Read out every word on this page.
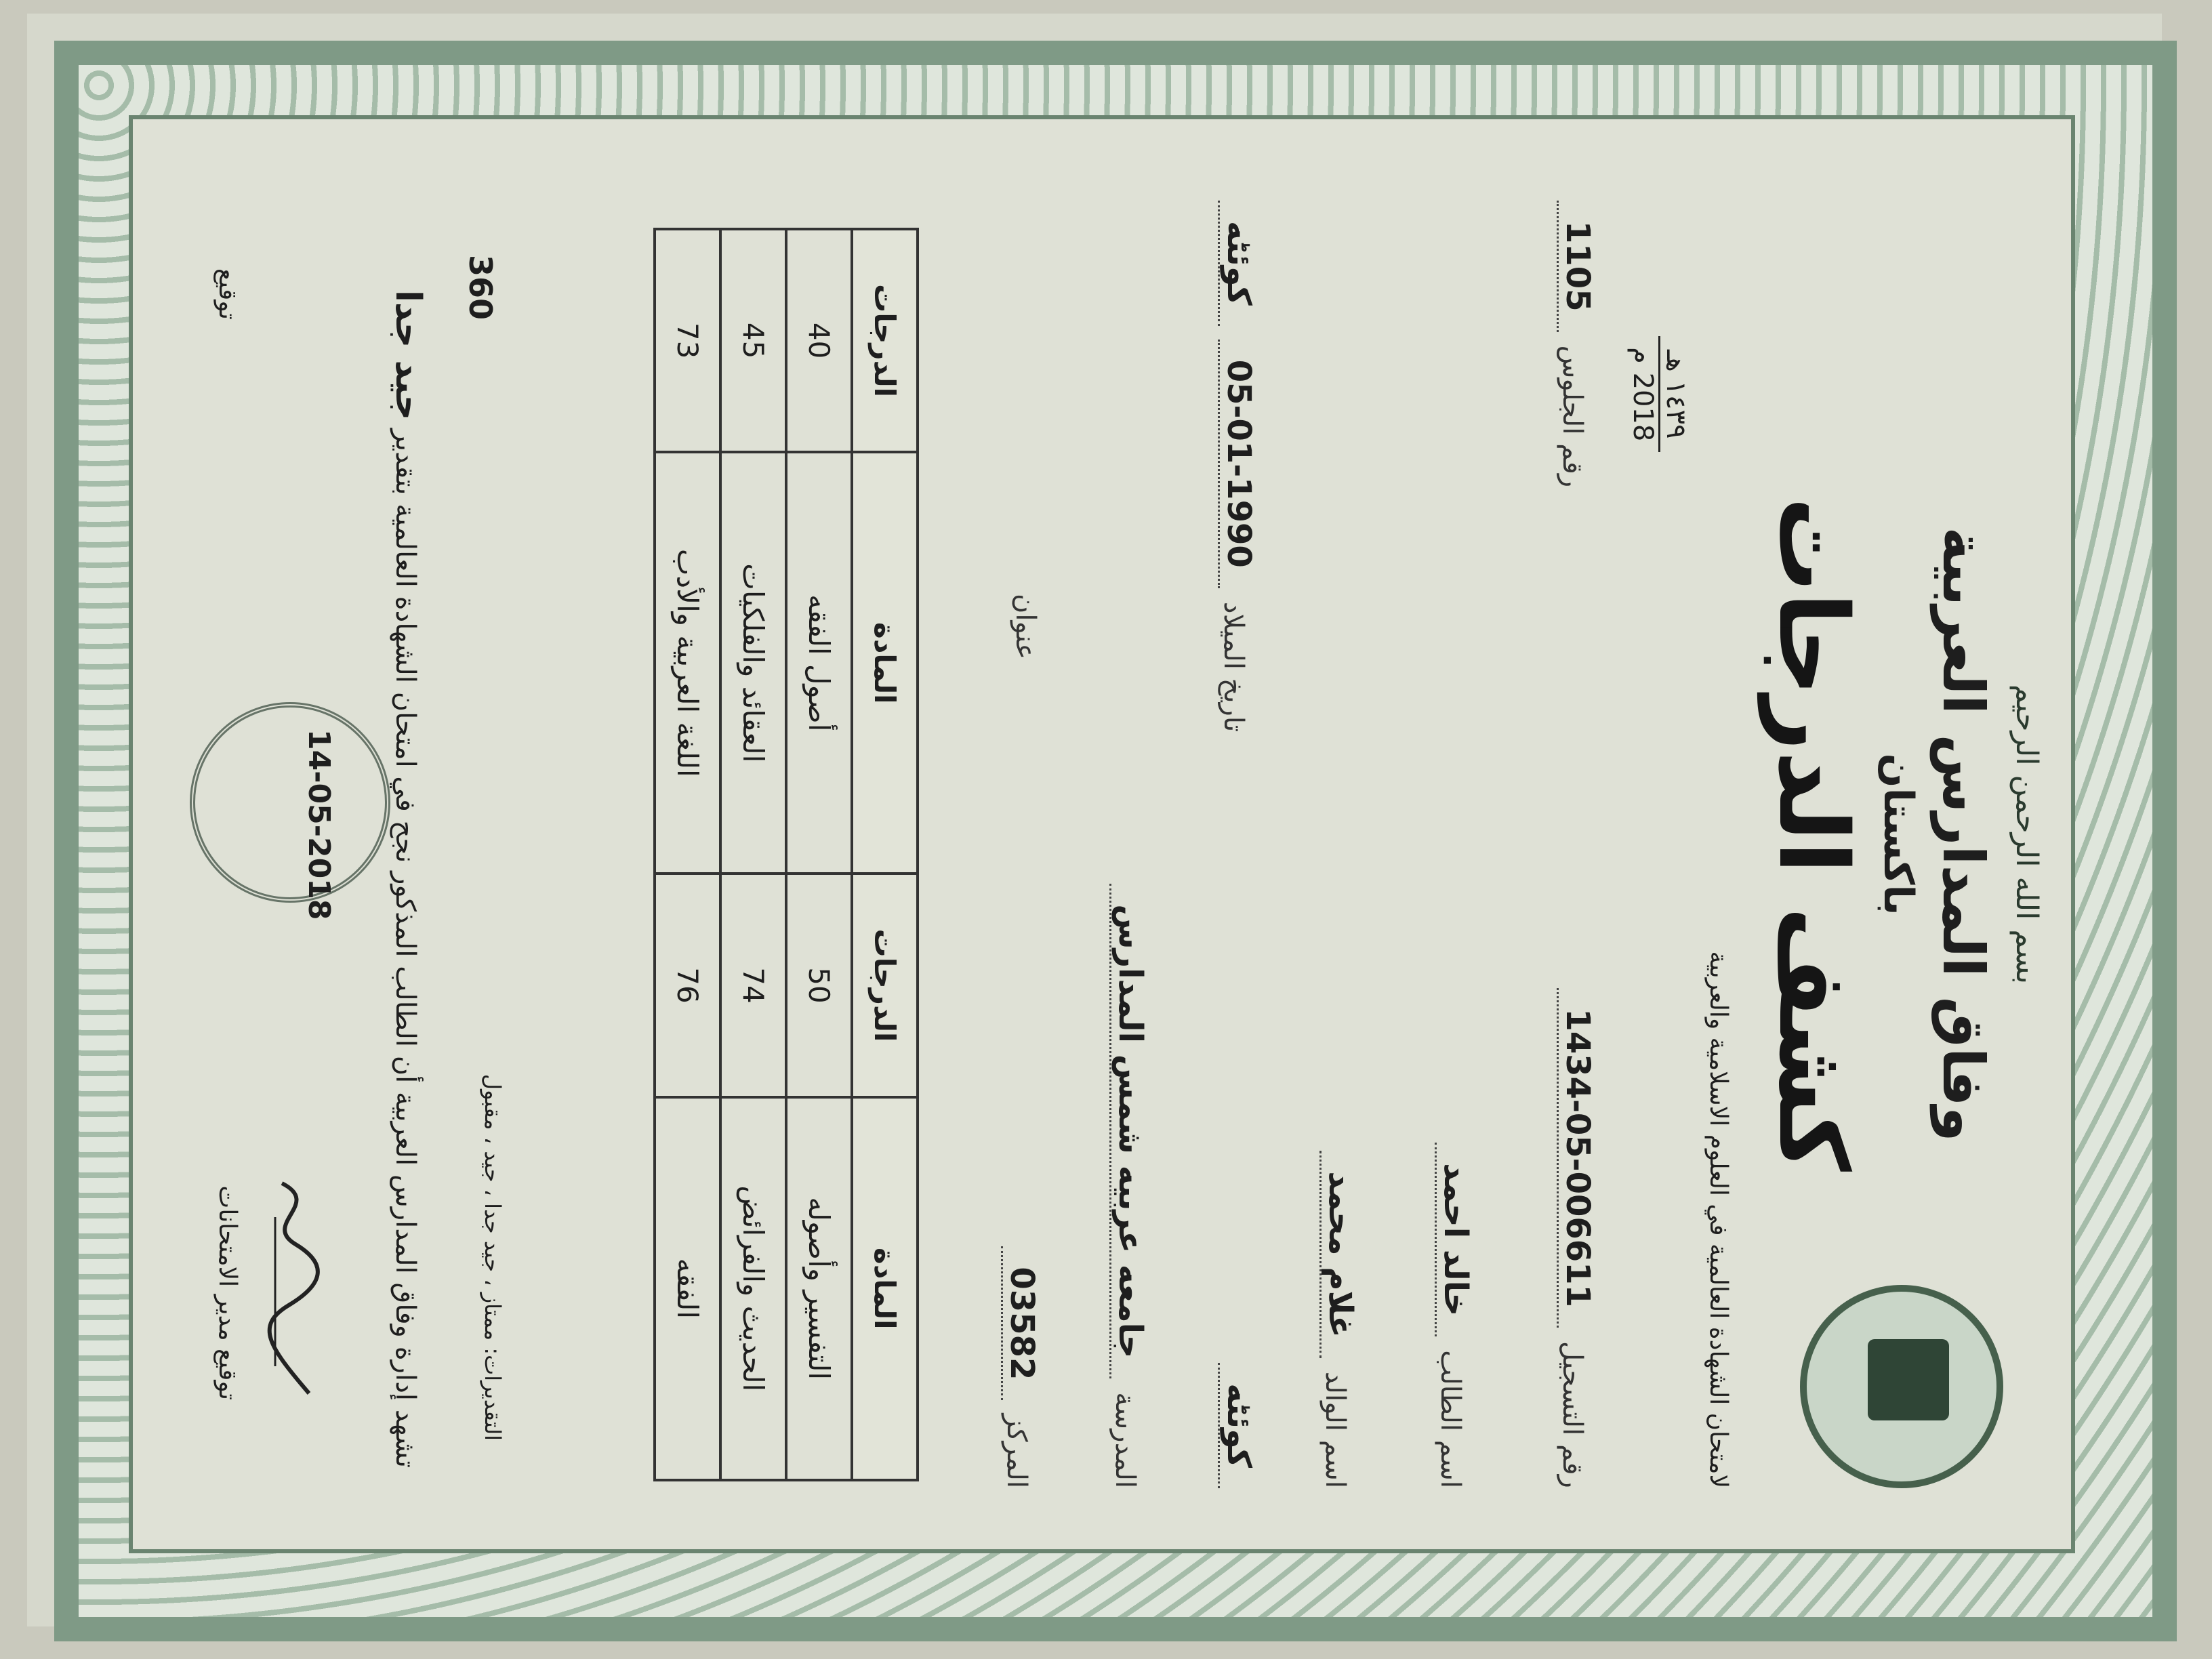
بسم الله الرحمن الرحيم
وفاق المدارس العربية
باكستان
كشف الدرجات
لامتحان الشهادة العالمية في العلوم الاسلامية والعربية
١٤٣٩ هـ
2018 م
رقم التسجيل
1434-05-006611
رقم الجلوس
1105
اسم الطالب
خالد احمد
اسم الوالد
غلام محمد
كوئٹه
تاريخ الميلاد
05-01-1990
كوئٹه
المدرسة
جامعه عربيه شمس المدارس
المركز
03582
عنوان
المادة	الدرجات	المادة	الدرجات
التفسير وأصوله	50	أصول الفقه	40
الحديث والفرائض	74	العقائد والفلكيات	45
الفقه	76	اللغة العربية والأدب	73
360
التقديرات: ممتاز ، جيد جدا ، جيد ، مقبول
تشهد إدارة وفاق المدارس العربية أن الطالب المذكور نجح في امتحان الشهادة العالمية بتقدير جيد جدا
14-05-2018
توقيع مدير الامتحانات
توقيع
